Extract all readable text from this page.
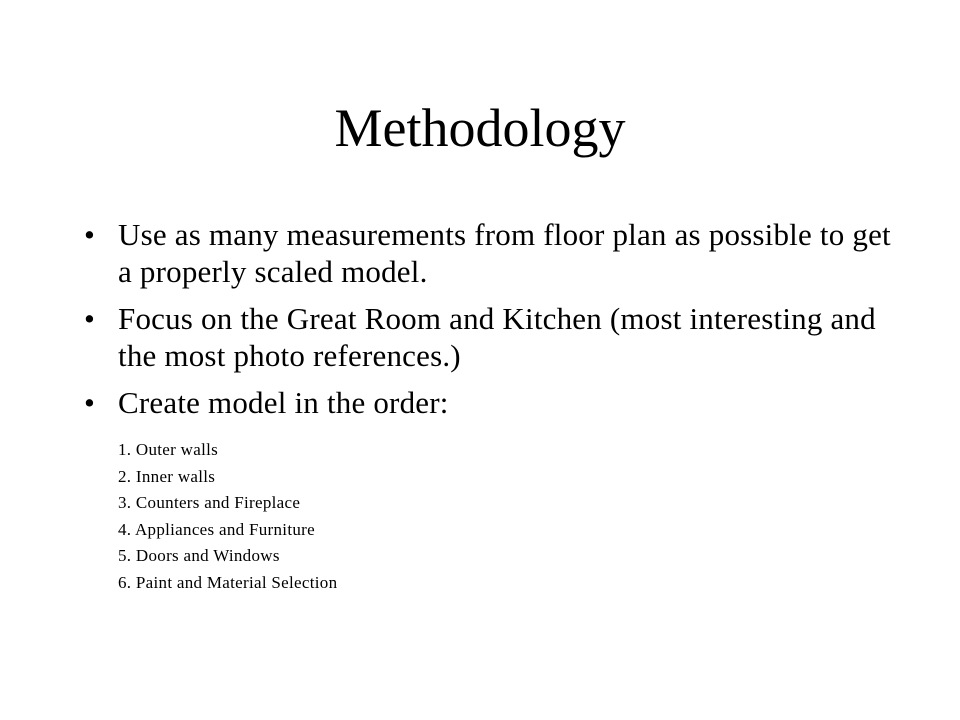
Methodology
• Use as many measurements from floor plan as possible to get a properly scaled model.
• Focus on the Great Room and Kitchen (most interesting and the most photo references.)
• Create model in the order:
1. Outer walls
2. Inner walls
3. Counters and Fireplace
4. Appliances and Furniture
5. Doors and Windows
6. Paint and Material Selection
